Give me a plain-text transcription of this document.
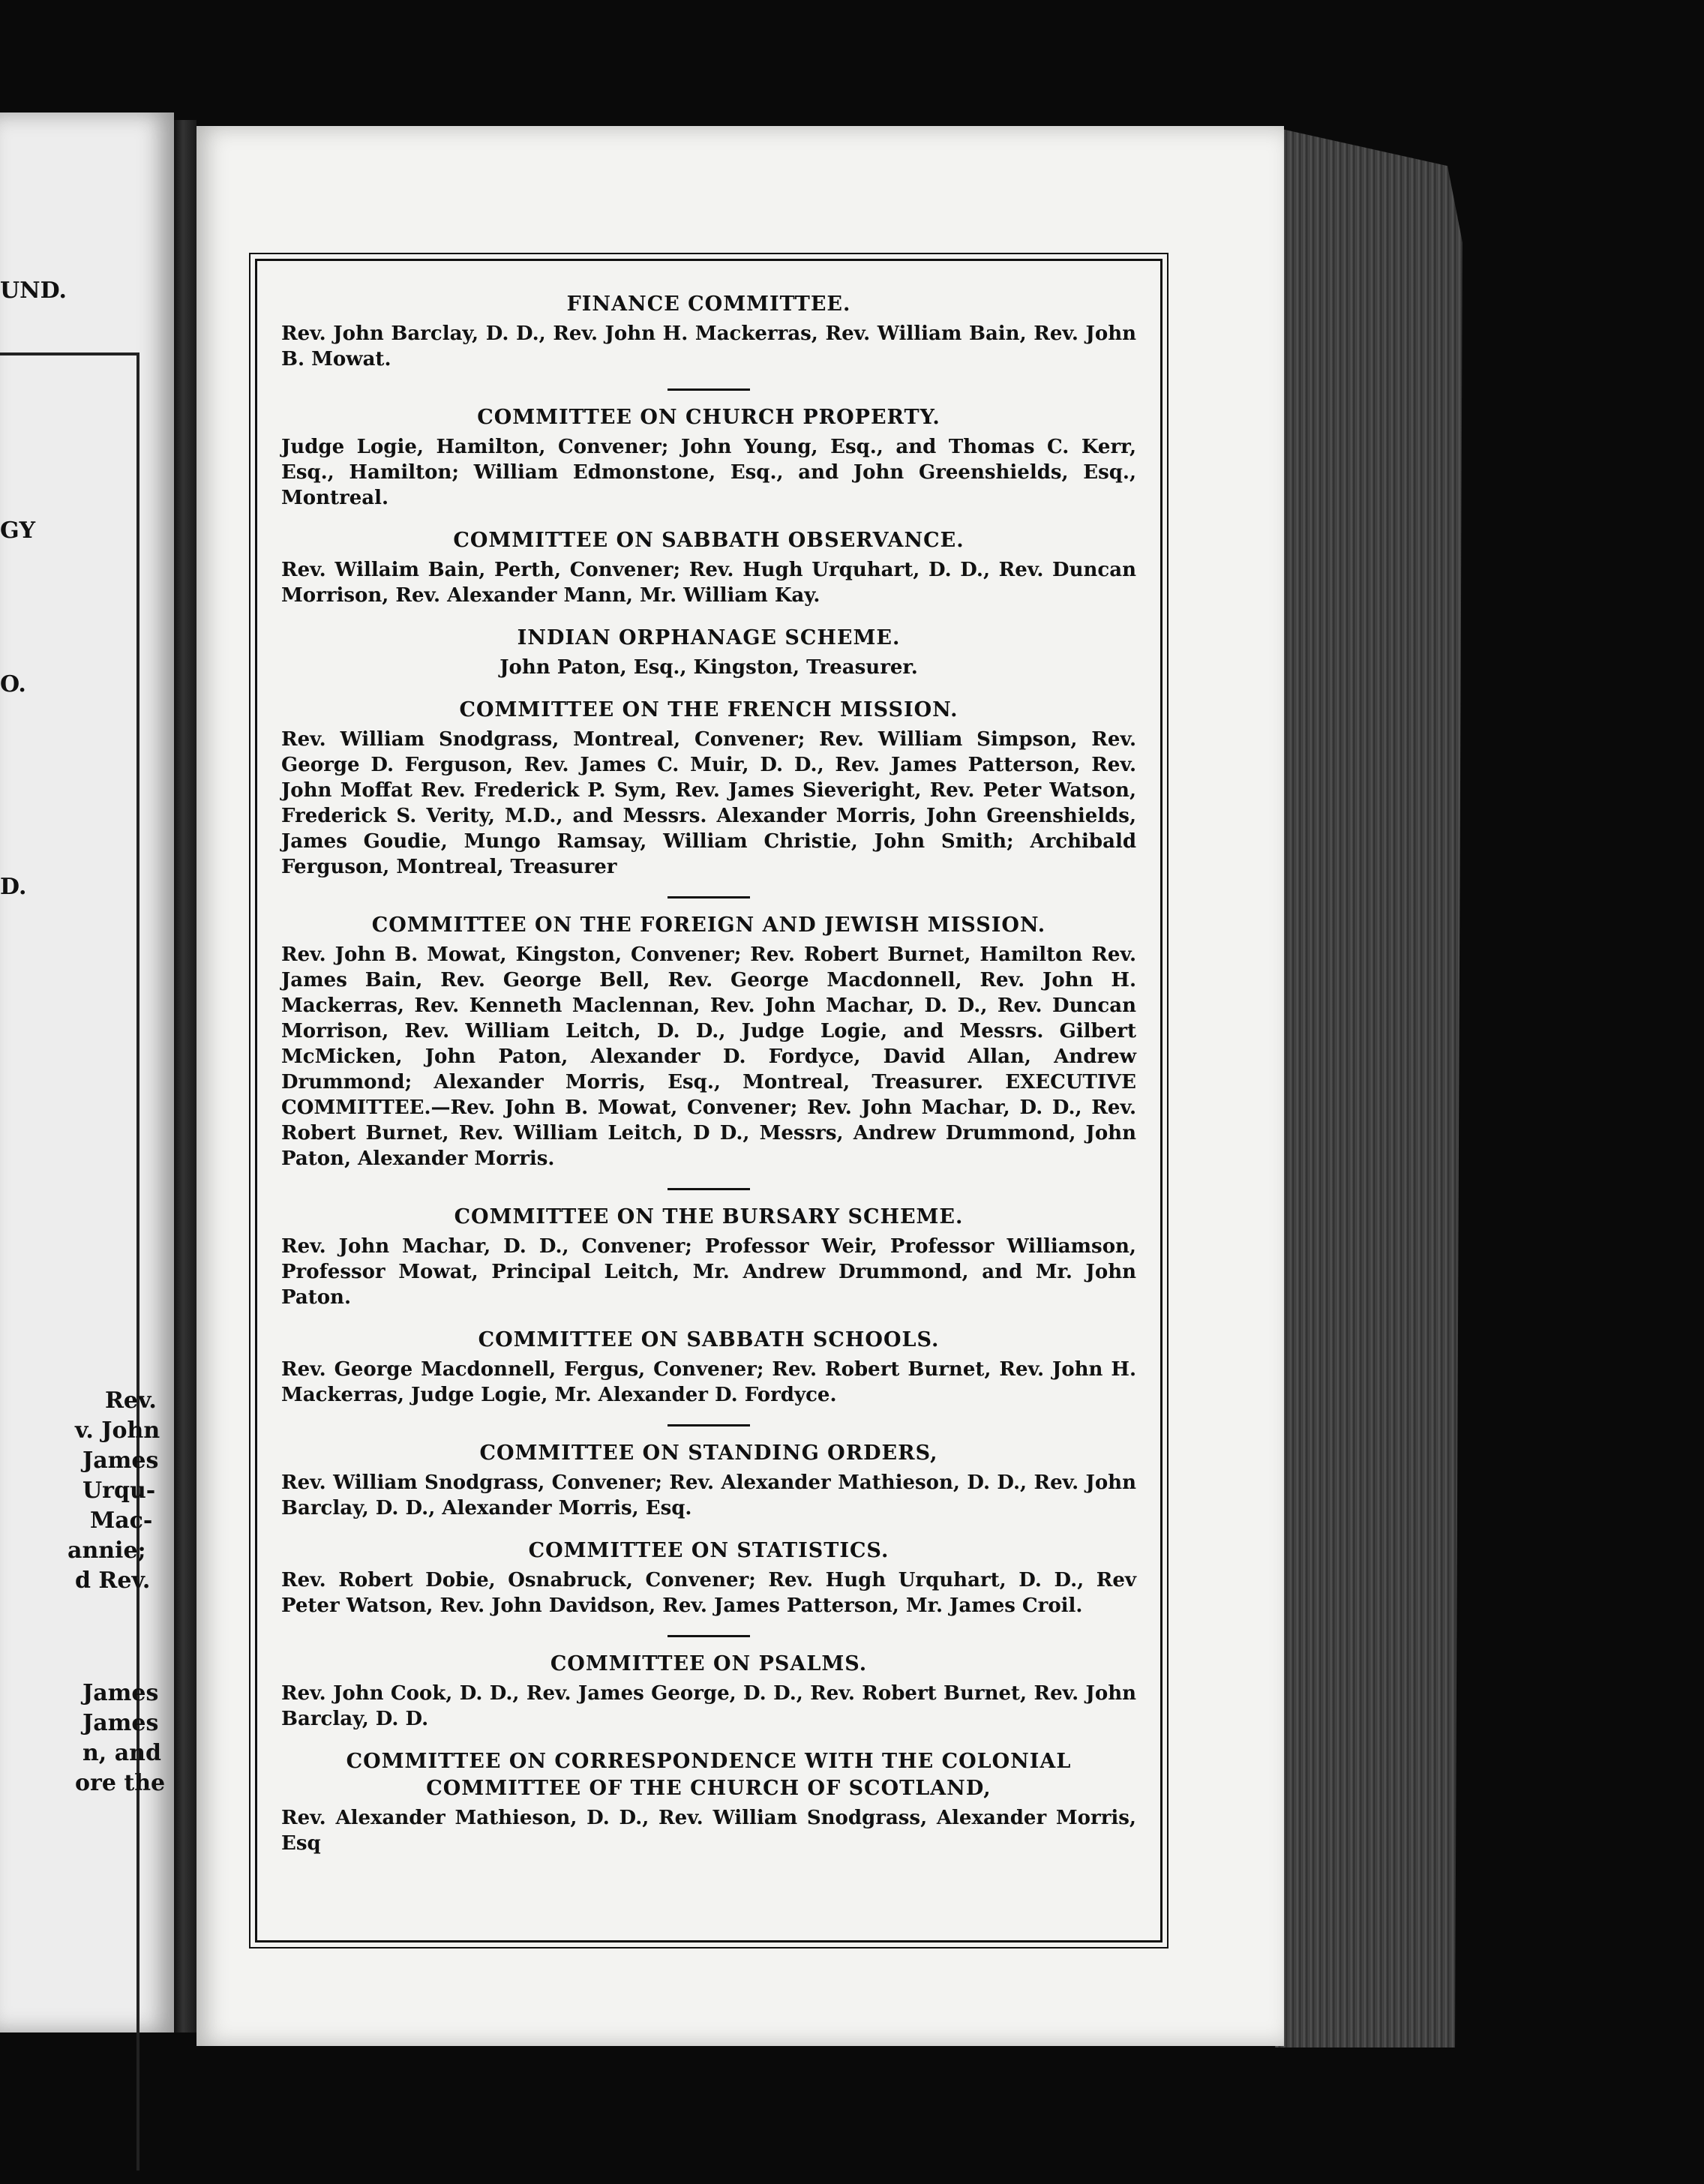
UND.
GY
O.
D.
Rev.
v. John
James
Urqu-
Mac-
annie;
d Rev.
James
James
n, and
ore the

FINANCE COMMITTEE.

Rev. John Barclay, D. D., Rev. John H. Mackerras, Rev. William Bain, Rev. John B. Mowat.

COMMITTEE ON CHURCH PROPERTY.

Judge Logie, Hamilton, Convener; John Young, Esq., and Thomas C. Kerr, Esq., Hamilton; William Edmonstone, Esq., and John Greenshields, Esq., Montreal.

COMMITTEE ON SABBATH OBSERVANCE.

Rev. Willaim Bain, Perth, Convener; Rev. Hugh Urquhart, D. D., Rev. Duncan Morrison, Rev. Alexander Mann, Mr. William Kay.

INDIAN ORPHANAGE SCHEME.

John Paton, Esq., Kingston, Treasurer.

COMMITTEE ON THE FRENCH MISSION.

Rev. William Snodgrass, Montreal, Convener; Rev. William Simpson, Rev. George D. Ferguson, Rev. James C. Muir, D. D., Rev. James Patterson, Rev. John Moffat Rev. Frederick P. Sym, Rev. James Sieveright, Rev. Peter Watson, Frederick S. Verity, M.D., and Messrs. Alexander Morris, John Greenshields, James Goudie, Mungo Ramsay, William Christie, John Smith; Archibald Ferguson, Montreal, Treasurer

COMMITTEE ON THE FOREIGN AND JEWISH MISSION.

Rev. John B. Mowat, Kingston, Convener; Rev. Robert Burnet, Hamilton Rev. James Bain, Rev. George Bell, Rev. George Macdonnell, Rev. John H. Mackerras, Rev. Kenneth Maclennan, Rev. John Machar, D. D., Rev. Duncan Morrison, Rev. William Leitch, D. D., Judge Logie, and Messrs. Gilbert McMicken, John Paton, Alexander D. Fordyce, David Allan, Andrew Drummond; Alexander Morris, Esq., Montreal, Treasurer. EXECUTIVE COMMITTEE.—Rev. John B. Mowat, Convener; Rev. John Machar, D. D., Rev. Robert Burnet, Rev. William Leitch, D D., Messrs, Andrew Drummond, John Paton, Alexander Morris.

COMMITTEE ON THE BURSARY SCHEME.

Rev. John Machar, D. D., Convener; Professor Weir, Professor Williamson, Professor Mowat, Principal Leitch, Mr. Andrew Drummond, and Mr. John Paton.

COMMITTEE ON SABBATH SCHOOLS.

Rev. George Macdonnell, Fergus, Convener; Rev. Robert Burnet, Rev. John H. Mackerras, Judge Logie, Mr. Alexander D. Fordyce.

COMMITTEE ON STANDING ORDERS,

Rev. William Snodgrass, Convener; Rev. Alexander Mathieson, D. D., Rev. John Barclay, D. D., Alexander Morris, Esq.

COMMITTEE ON STATISTICS.

Rev. Robert Dobie, Osnabruck, Convener; Rev. Hugh Urquhart, D. D., Rev Peter Watson, Rev. John Davidson, Rev. James Patterson, Mr. James Croil.

COMMITTEE ON PSALMS.

Rev. John Cook, D. D., Rev. James George, D. D., Rev. Robert Burnet, Rev. John Barclay, D. D.

COMMITTEE ON CORRESPONDENCE WITH THE COLONIAL COMMITTEE OF THE CHURCH OF SCOTLAND,

Rev. Alexander Mathieson, D. D., Rev. William Snodgrass, Alexander Morris, Esq
